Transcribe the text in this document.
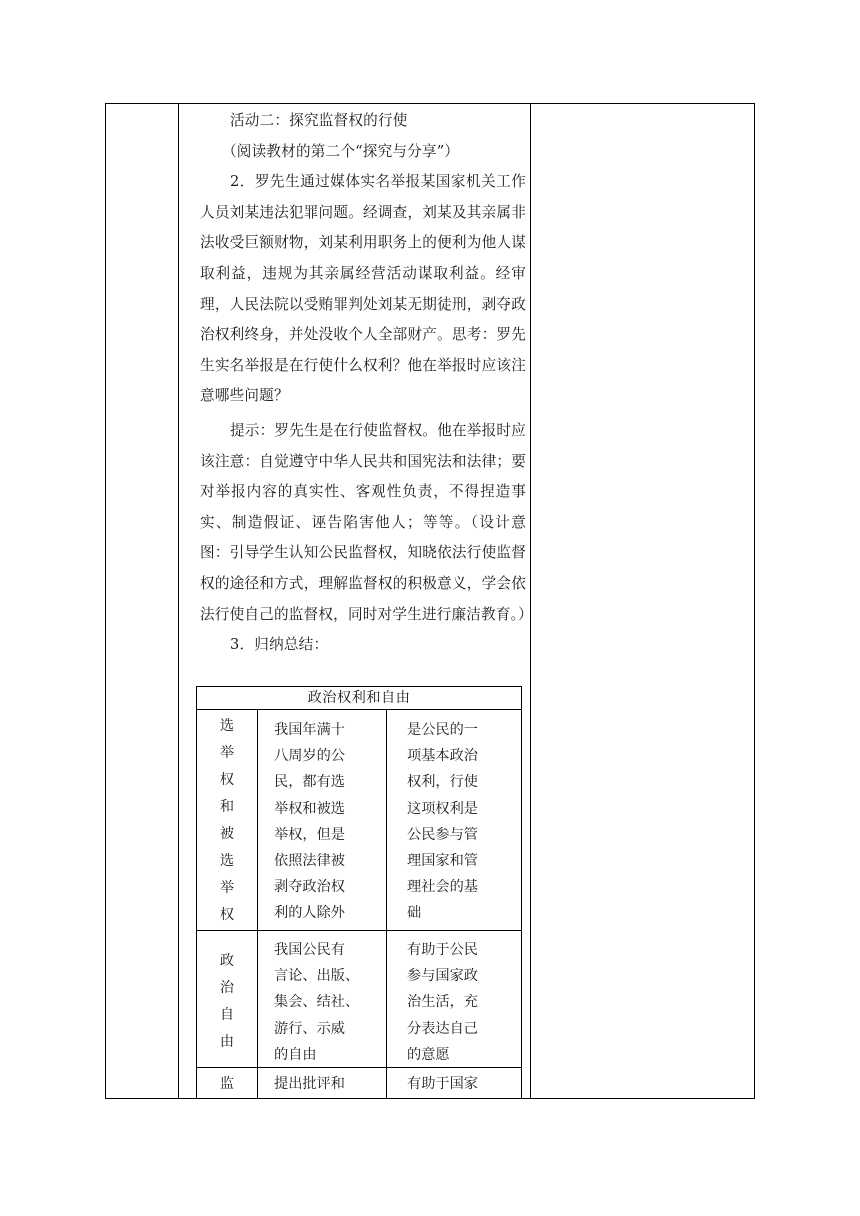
活动二：探究监督权的行使

（阅读教材的第二个“探究与分享”）

2．罗先生通过媒体实名举报某国家机关工作人员刘某违法犯罪问题。经调查，刘某及其亲属非法收受巨额财物，刘某利用职务上的便利为他人谋取利益，违规为其亲属经营活动谋取利益。经审理，人民法院以受贿罪判处刘某无期徒刑，剥夺政治权利终身，并处没收个人全部财产。思考：罗先生实名举报是在行使什么权利？他在举报时应该注意哪些问题？

提示：罗先生是在行使监督权。他在举报时应该注意：自觉遵守中华人民共和国宪法和法律；要对举报内容的真实性、客观性负责，不得捏造事实、制造假证、诬告陷害他人；等等。（设计意图：引导学生认知公民监督权，知晓依法行使监督权的途径和方式，理解监督权的积极意义，学会依法行使自己的监督权，同时对学生进行廉洁教育。）

3．归纳总结：

政治权利和自由
选
举
权
和
被
选
举
权
我国年满十
八周岁的公
民，都有选
举权和被选
举权，但是
依照法律被
剥夺政治权
利的人除外
是公民的一
项基本政治
权利，行使
这项权利是
公民参与管
理国家和管
理社会的基
础
政
治
自
由
我国公民有
言论、出版、
集会、结社、
游行、示威
的自由
有助于公民
参与国家政
治生活，充
分表达自己
的意愿
监	提出批评和	有助于国家
